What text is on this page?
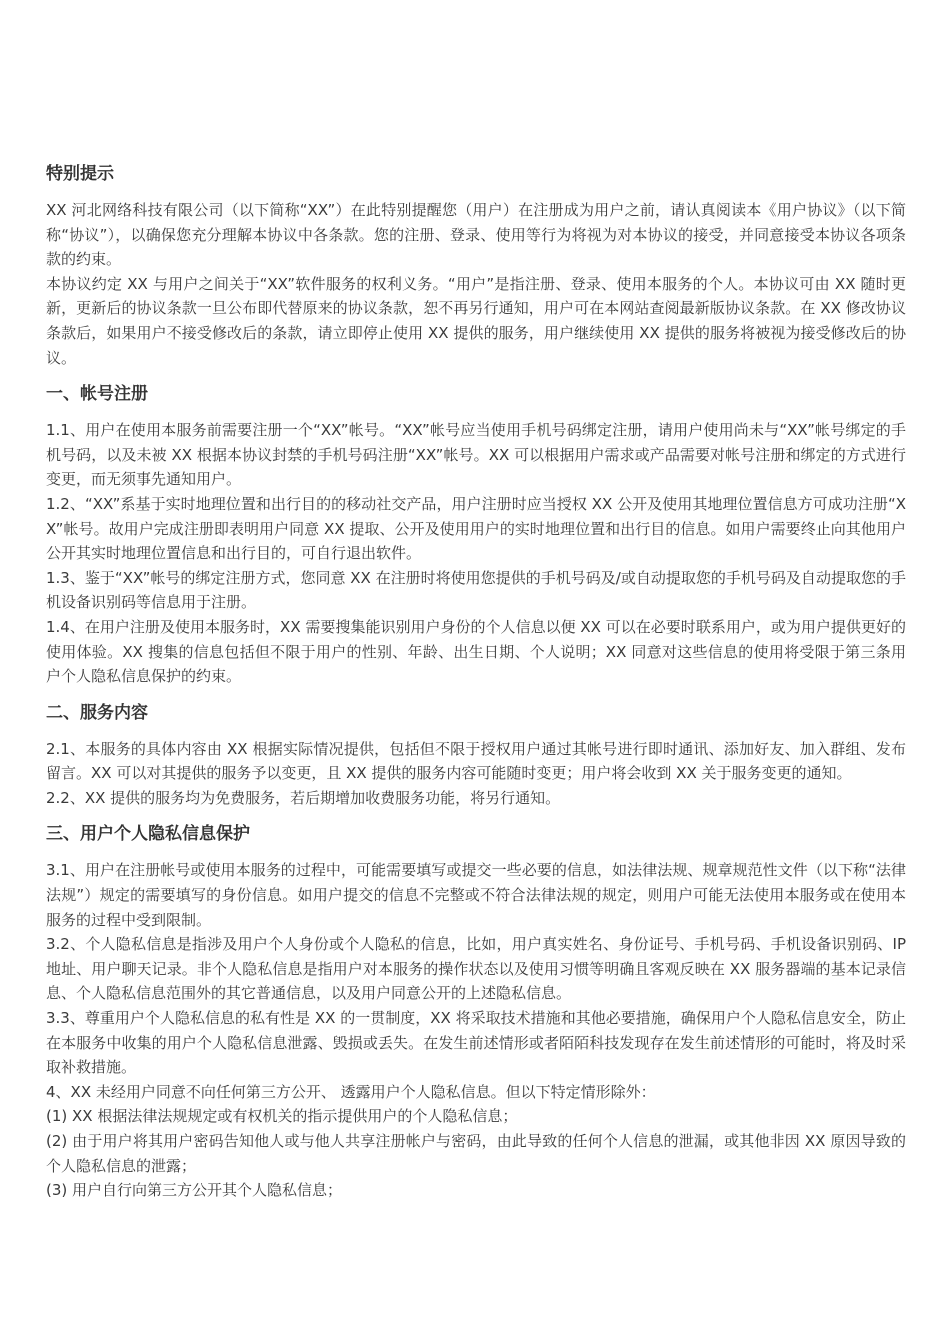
特别提示

XX 河北网络科技有限公司（以下简称“XX”）在此特别提醒您（用户）在注册成为用户之前，请认真阅读本《用户协议》（以下简称“协议”），以确保您充分理解本协议中各条款。您的注册、登录、使用等行为将视为对本协议的接受，并同意接受本协议各项条款的约束。

本协议约定 XX 与用户之间关于“XX”软件服务的权利义务。“用户”是指注册、登录、使用本服务的个人。本协议可由 XX 随时更新，更新后的协议条款一旦公布即代替原来的协议条款，恕不再另行通知，用户可在本网站查阅最新版协议条款。在 XX 修改协议条款后，如果用户不接受修改后的条款，请立即停止使用 XX 提供的服务，用户继续使用 XX 提供的服务将被视为接受修改后的协议。

一、帐号注册

1.1、用户在使用本服务前需要注册一个“XX”帐号。“XX”帐号应当使用手机号码绑定注册，请用户使用尚未与“XX”帐号绑定的手机号码，以及未被 XX 根据本协议封禁的手机号码注册“XX”帐号。XX 可以根据用户需求或产品需要对帐号注册和绑定的方式进行变更，而无须事先通知用户。

1.2、“XX”系基于实时地理位置和出行目的的移动社交产品，用户注册时应当授权 XX 公开及使用其地理位置信息方可成功注册“XX”帐号。故用户完成注册即表明用户同意 XX 提取、公开及使用用户的实时地理位置和出行目的信息。如用户需要终止向其他用户公开其实时地理位置信息和出行目的，可自行退出软件。

1.3、鉴于“XX”帐号的绑定注册方式，您同意 XX 在注册时将使用您提供的手机号码及/或自动提取您的手机号码及自动提取您的手机设备识别码等信息用于注册。

1.4、在用户注册及使用本服务时，XX 需要搜集能识别用户身份的个人信息以便 XX 可以在必要时联系用户，或为用户提供更好的使用体验。XX 搜集的信息包括但不限于用户的性别、年龄、出生日期、个人说明；XX 同意对这些信息的使用将受限于第三条用户个人隐私信息保护的约束。

二、服务内容

2.1、本服务的具体内容由 XX 根据实际情况提供，包括但不限于授权用户通过其帐号进行即时通讯、添加好友、加入群组、发布留言。XX 可以对其提供的服务予以变更，且 XX 提供的服务内容可能随时变更；用户将会收到 XX 关于服务变更的通知。

2.2、XX 提供的服务均为免费服务，若后期增加收费服务功能，将另行通知。

三、用户个人隐私信息保护

3.1、用户在注册帐号或使用本服务的过程中，可能需要填写或提交一些必要的信息，如法律法规、规章规范性文件（以下称“法律法规”）规定的需要填写的身份信息。如用户提交的信息不完整或不符合法律法规的规定，则用户可能无法使用本服务或在使用本服务的过程中受到限制。

3.2、个人隐私信息是指涉及用户个人身份或个人隐私的信息，比如，用户真实姓名、身份证号、手机号码、手机设备识别码、IP 地址、用户聊天记录。非个人隐私信息是指用户对本服务的操作状态以及使用习惯等明确且客观反映在 XX 服务器端的基本记录信息、个人隐私信息范围外的其它普通信息，以及用户同意公开的上述隐私信息。

3.3、尊重用户个人隐私信息的私有性是 XX 的一贯制度，XX 将采取技术措施和其他必要措施，确保用户个人隐私信息安全，防止在本服务中收集的用户个人隐私信息泄露、毁损或丢失。在发生前述情形或者陌陌科技发现存在发生前述情形的可能时，将及时采取补救措施。

4、XX 未经用户同意不向任何第三方公开、 透露用户个人隐私信息。但以下特定情形除外：

(1) XX 根据法律法规规定或有权机关的指示提供用户的个人隐私信息；

(2) 由于用户将其用户密码告知他人或与他人共享注册帐户与密码，由此导致的任何个人信息的泄漏，或其他非因 XX 原因导致的个人隐私信息的泄露；

(3) 用户自行向第三方公开其个人隐私信息；
